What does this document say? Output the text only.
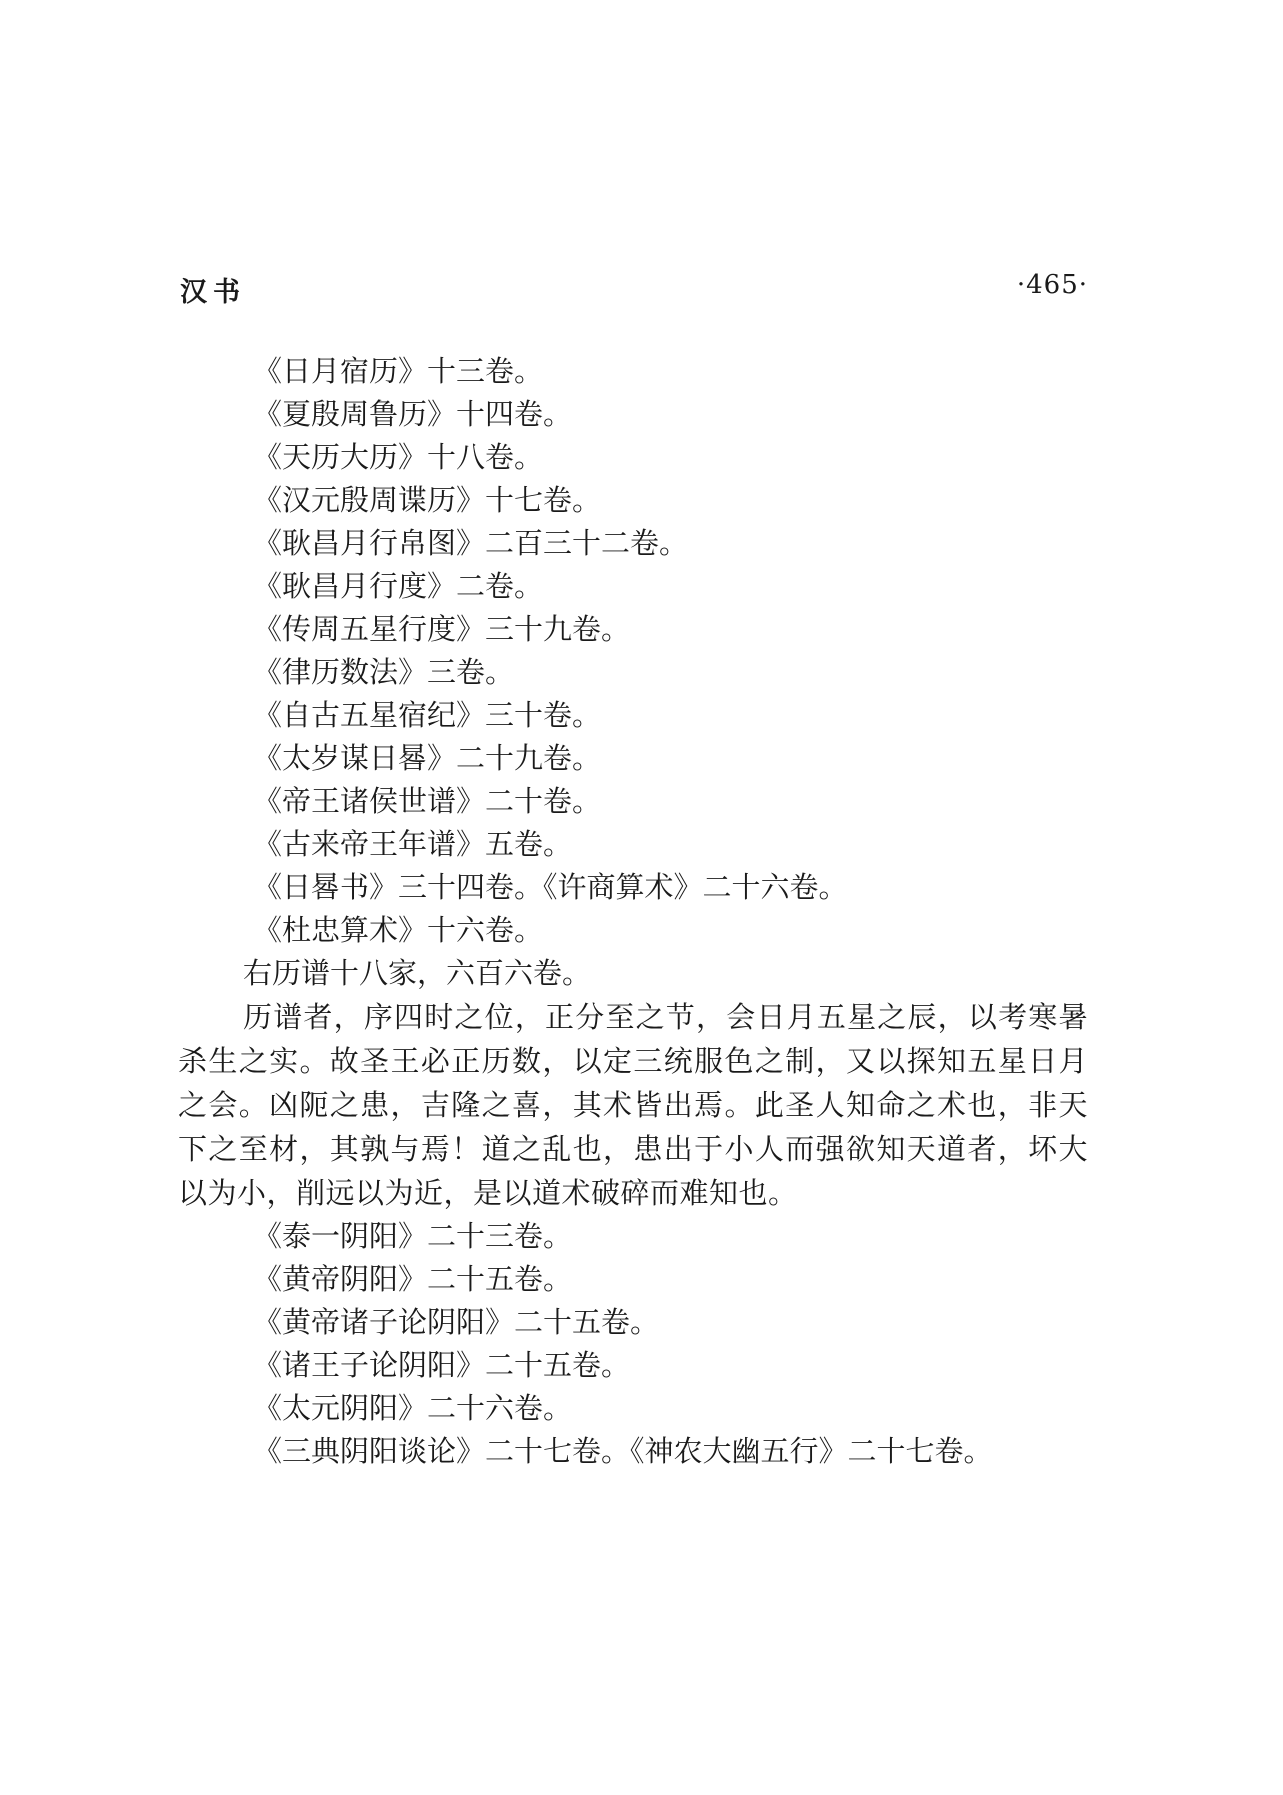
汉书	·465·
《日月宿历》十三卷。
《夏殷周鲁历》十四卷。
《天历大历》十八卷。
《汉元殷周谍历》十七卷。
《耿昌月行帛图》二百三十二卷。
《耿昌月行度》二卷。
《传周五星行度》三十九卷。
《律历数法》三卷。
《自古五星宿纪》三十卷。
《太岁谋日晷》二十九卷。
《帝王诸侯世谱》二十卷。
《古来帝王年谱》五卷。
《日晷书》三十四卷。《许商算术》二十六卷。
《杜忠算术》十六卷。
右历谱十八家，六百六卷。

历谱者，序四时之位，正分至之节，会日月五星之辰，以考寒暑杀生之实。故圣王必正历数，以定三统服色之制，又以探知五星日月之会。凶阨之患，吉隆之喜，其术皆出焉。此圣人知命之术也，非天下之至材，其孰与焉！道之乱也，患出于小人而强欲知天道者，坏大以为小，削远以为近，是以道术破碎而难知也。

《泰一阴阳》二十三卷。
《黄帝阴阳》二十五卷。
《黄帝诸子论阴阳》二十五卷。
《诸王子论阴阳》二十五卷。
《太元阴阳》二十六卷。
《三典阴阳谈论》二十七卷。《神农大幽五行》二十七卷。
